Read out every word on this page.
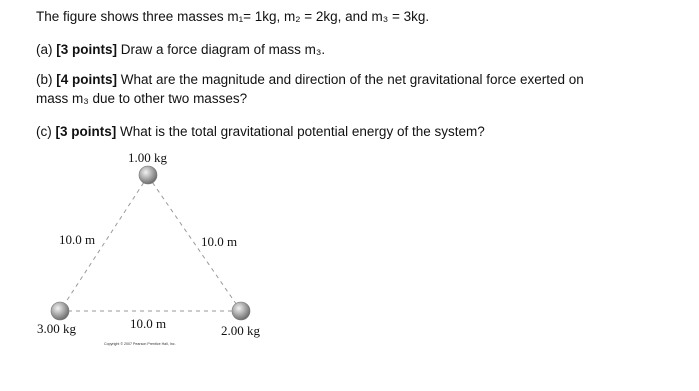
The figure shows three masses m₁= 1kg, m₂ = 2kg, and m₃ = 3kg.
(a) [3 points] Draw a force diagram of mass m₃.
(b) [4 points] What are the magnitude and direction of the net gravitational force exerted on
mass m₃ due to other two masses?
(c) [3 points] What is the total gravitational potential energy of the system?
1.00 kg
10.0 m	10.0 m
10.0 m
3.00 kg	2.00 kg
Copyright © 2007 Pearson Prentice Hall, Inc.
